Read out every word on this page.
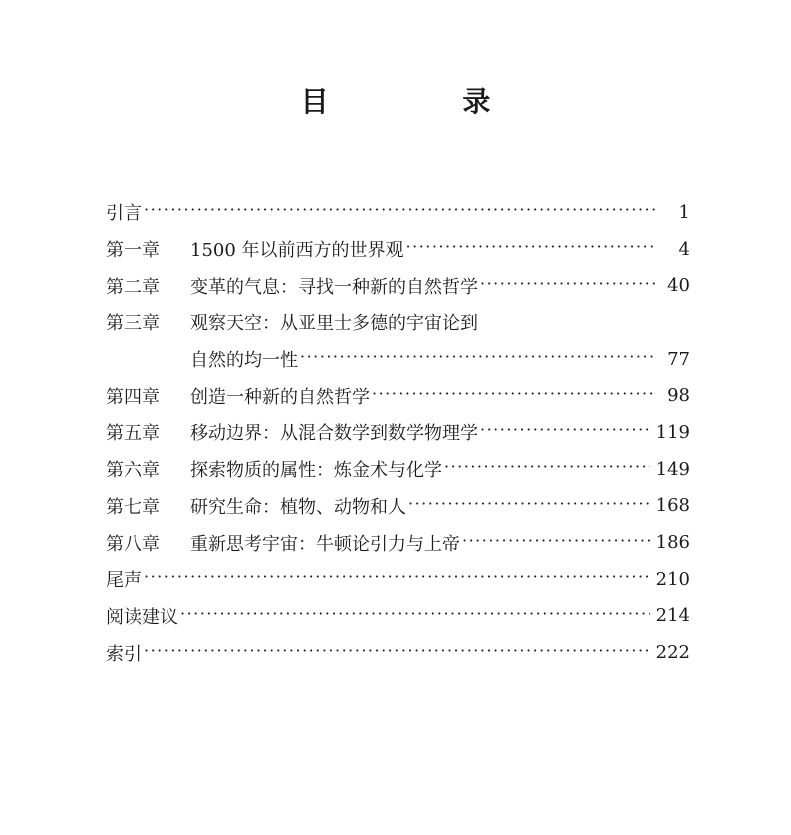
目 录
引言 ·····	1
第一章	1500 年以前西方的世界观 ·····	4
第二章	变革的气息：寻找一种新的自然哲学 ·····	40
第三章	观察天空：从亚里士多德的宇宙论到
自然的均一性 ·····	77
第四章	创造一种新的自然哲学 ·····	98
第五章	移动边界：从混合数学到数学物理学 ·····	119
第六章	探索物质的属性：炼金术与化学 ·····	149
第七章	研究生命：植物、动物和人 ·····	168
第八章	重新思考宇宙：牛顿论引力与上帝 ·····	186
尾声 ·····	210
阅读建议 ·····	214
索引 ·····	222
